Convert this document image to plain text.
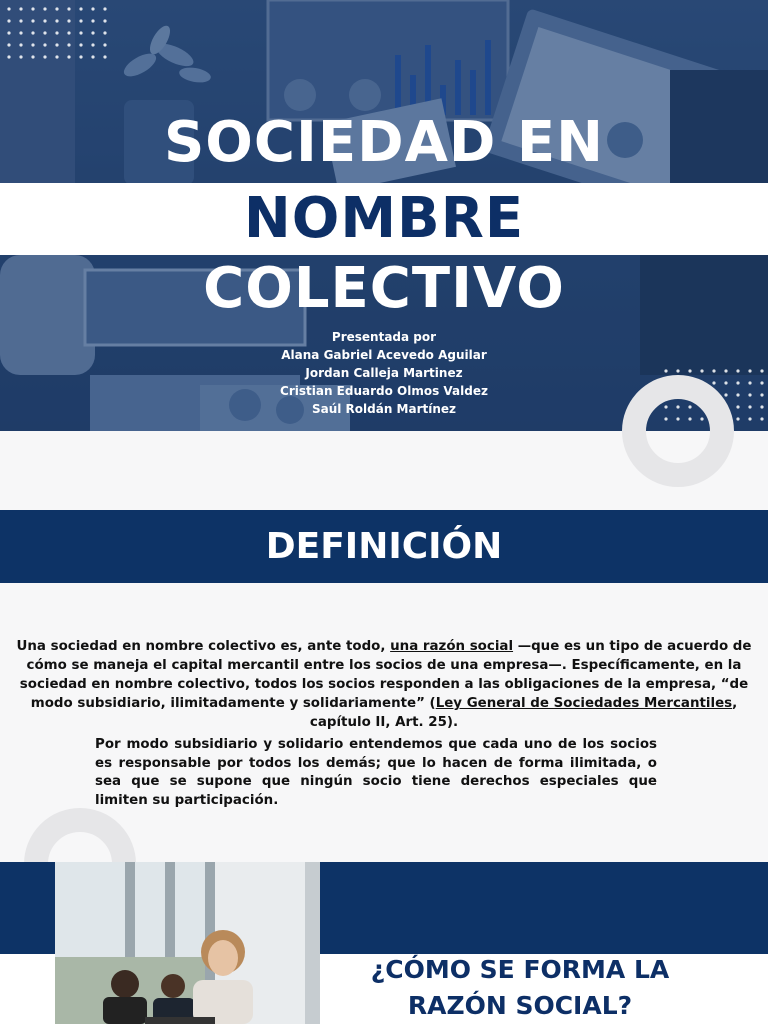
SOCIEDAD EN
NOMBRE
COLECTIVO
Presentada por
Alana Gabriel Acevedo Aguilar
Jordan Calleja Martinez
Cristian Eduardo Olmos Valdez
Saúl Roldán Martínez
DEFINICIÓN

Una sociedad en nombre colectivo es, ante todo, una razón social —que es un tipo de acuerdo de cómo se maneja el capital mercantil entre los socios de una empresa—. Específicamente, en la sociedad en nombre colectivo, todos los socios responden a las obligaciones de la empresa, “de modo subsidiario, ilimitadamente y solidariamente” (Ley General de Sociedades Mercantiles, capítulo II, Art. 25).

Por modo subsidiario y solidario entendemos que cada uno de los socios es responsable por todos los demás; que lo hacen de forma ilimitada, o sea que se supone que ningún socio tiene derechos especiales que limiten su participación.

¿CÓMO SE FORMA LA RAZÓN SOCIAL?
